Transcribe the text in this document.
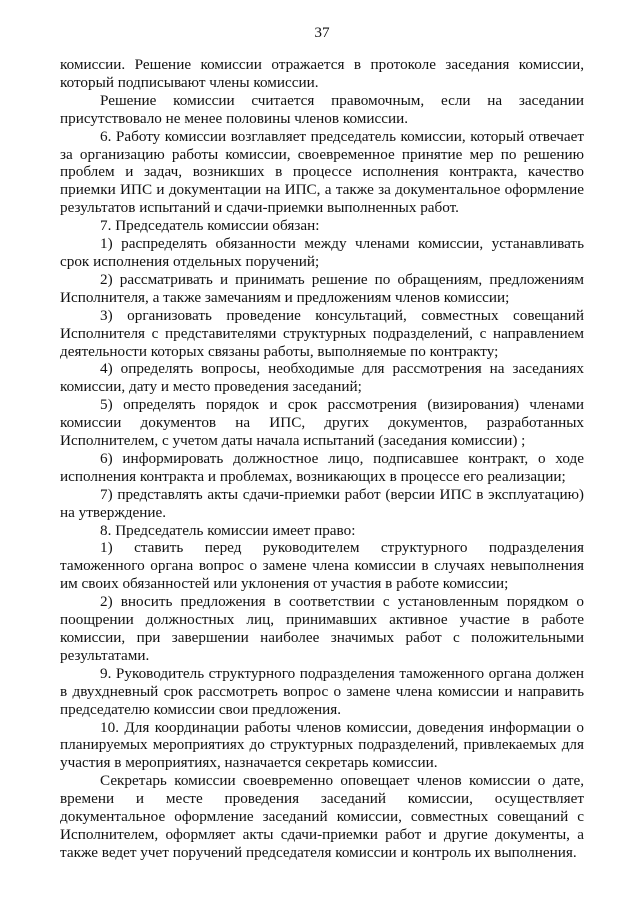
37

комиссии. Решение комиссии отражается в протоколе заседания комиссии, который подписывают члены комиссии.

Решение комиссии считается правомочным, если на заседании присутствовало не менее половины членов комиссии.

6. Работу комиссии возглавляет председатель комиссии, который отвечает за организацию работы комиссии, своевременное принятие мер по решению проблем и задач, возникших в процессе исполнения контракта, качество приемки ИПС и документации на ИПС, а также за документальное оформление результатов испытаний и сдачи-приемки выполненных работ.

7. Председатель комиссии обязан:

1) распределять обязанности между членами комиссии, устанавливать срок исполнения отдельных поручений;

2) рассматривать и принимать решение по обращениям, предложениям Исполнителя, а также замечаниям и предложениям членов комиссии;

3) организовать проведение консультаций, совместных совещаний Исполнителя с представителями структурных подразделений, с направлением деятельности которых связаны работы, выполняемые по контракту;

4) определять вопросы, необходимые для рассмотрения на заседаниях комиссии, дату и место проведения заседаний;

5) определять порядок и срок рассмотрения (визирования) членами комиссии документов на ИПС, других документов, разработанных Исполнителем, с учетом даты начала испытаний (заседания комиссии) ;

6) информировать должностное лицо, подписавшее контракт, о ходе исполнения контракта и проблемах, возникающих в процессе его реализации;

7) представлять акты сдачи-приемки работ (версии ИПС в эксплуатацию) на утверждение.

8. Председатель комиссии имеет право:

1) ставить перед руководителем структурного подразделения таможенного органа вопрос о замене члена комиссии в случаях невыполнения им своих обязанностей или уклонения от участия в работе комиссии;

2) вносить предложения в соответствии с установленным порядком о поощрении должностных лиц, принимавших активное участие в работе комиссии, при завершении наиболее значимых работ с положительными результатами.

9. Руководитель структурного подразделения таможенного органа должен в двухдневный срок рассмотреть вопрос о замене члена комиссии и направить председателю комиссии свои предложения.

10. Для координации работы членов комиссии, доведения информации о планируемых мероприятиях до структурных подразделений, привлекаемых для участия в мероприятиях, назначается секретарь комиссии.

Секретарь комиссии своевременно оповещает членов комиссии о дате, времени и месте проведения заседаний комиссии, осуществляет документальное оформление заседаний комиссии, совместных совещаний с Исполнителем, оформляет акты сдачи-приемки работ и другие документы, а также ведет учет поручений председателя комиссии и контроль их выполнения.
